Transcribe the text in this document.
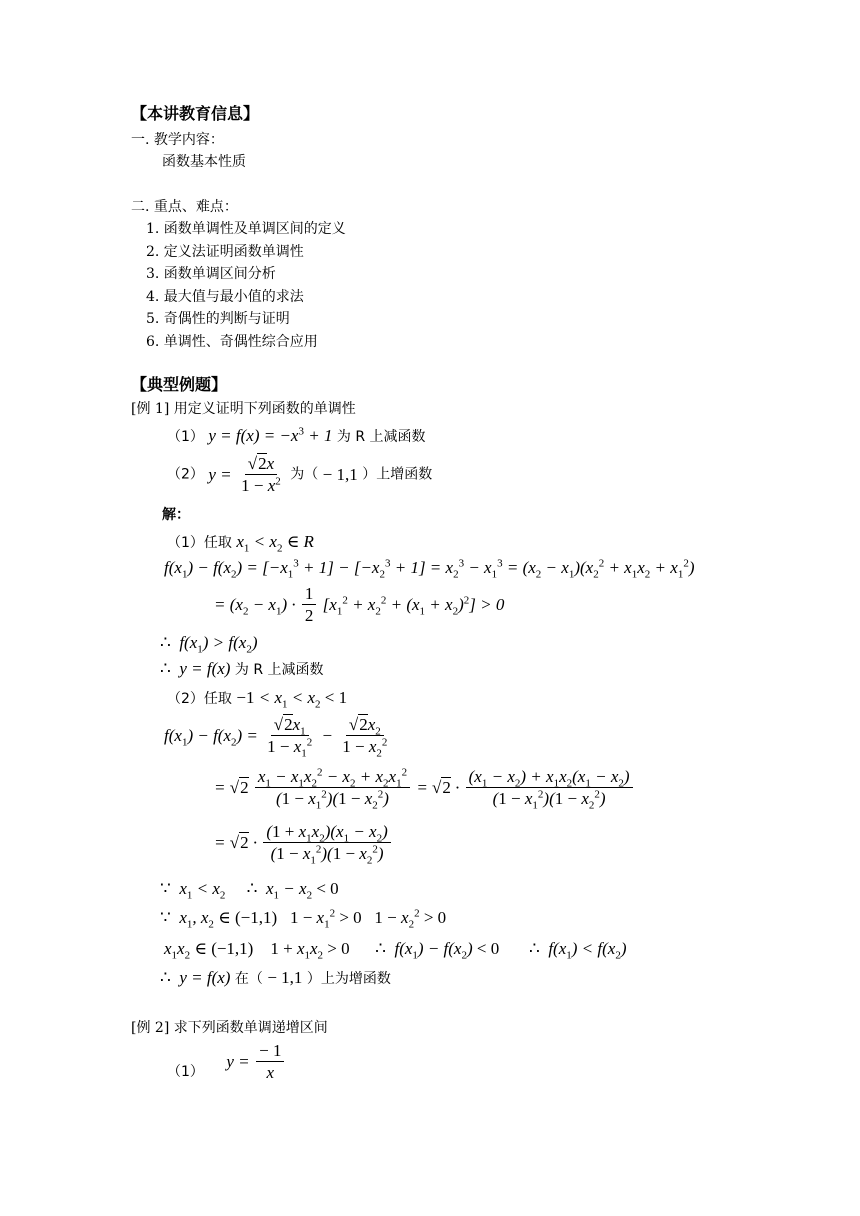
【本讲教育信息】
一. 教学内容：
函数基本性质
二. 重点、难点：
1. 函数单调性及单调区间的定义
2. 定义法证明函数单调性
3. 函数单调区间分析
4. 最大值与最小值的求法
5. 奇偶性的判断与证明
6. 单调性、奇偶性综合应用
【典型例题】
[例 1] 用定义证明下列函数的单调性
（1） $y = f(x) = -x^3 + 1$ 为 R 上减函数
（2） $y = \frac{√2x}{1 - x^2}$ 为（ − 1,1 ）上增函数
解：
（1）任取 $x_1 < x_2$ ∈ R
$f(x_1) - f(x_2) = [-x_1^3 + 1] - [-x_2^3 + 1] = x_2^3 - x_1^3 = (x_2 - x_1)(x_2^2 + x_1x_2 + x_1^2)$
= $(x_2 - x_1) \cdot \frac{1}{2} [x_1^2 + x_2^2 + (x_1 + x_2)^2] > 0$
∴  $f(x_1) > f(x_2)$
∴  y = f(x) 为 R 上减函数
（2）任取 $-1 < x_1 < x_2 < 1$
$f(x_1) - f(x_2) = \frac{√2x_1}{1 - x_1^2} - \frac{√2x_2}{1 - x_2^2}$
= $√2 \frac{x_1 - x_1x_2^2 - x_2 + x_2x_1^2}{(1 - x_1^2)(1 - x_2^2)} = √2 \cdot \frac{(x_1 - x_2) + x_1x_2(x_1 - x_2)}{(1 - x_1^2)(1 - x_2^2)}$
= $√2 \cdot \frac{(1 + x_1x_2)(x_1 - x_2)}{(1 - x_1^2)(1 - x_2^2)}$
∵  $x_1 < x_2$ ∴  $x_1 - x_2 < 0$
∵  $x_1$, $x_2$ ∈ (−1,1) $1 - x_1^2 > 0$ $1 - x_2^2 > 0$
$x_1x_2$ ∈ (−1,1) $1 + x_1x_2 > 0$ ∴  $f(x_1) - f(x_2) < 0$ ∴  $f(x_1) < f(x_2)$
∴  y = f(x) 在（ − 1,1 ）上为增函数
[例 2] 求下列函数单调递增区间
（1） $y = \frac{- 1}{x}$
